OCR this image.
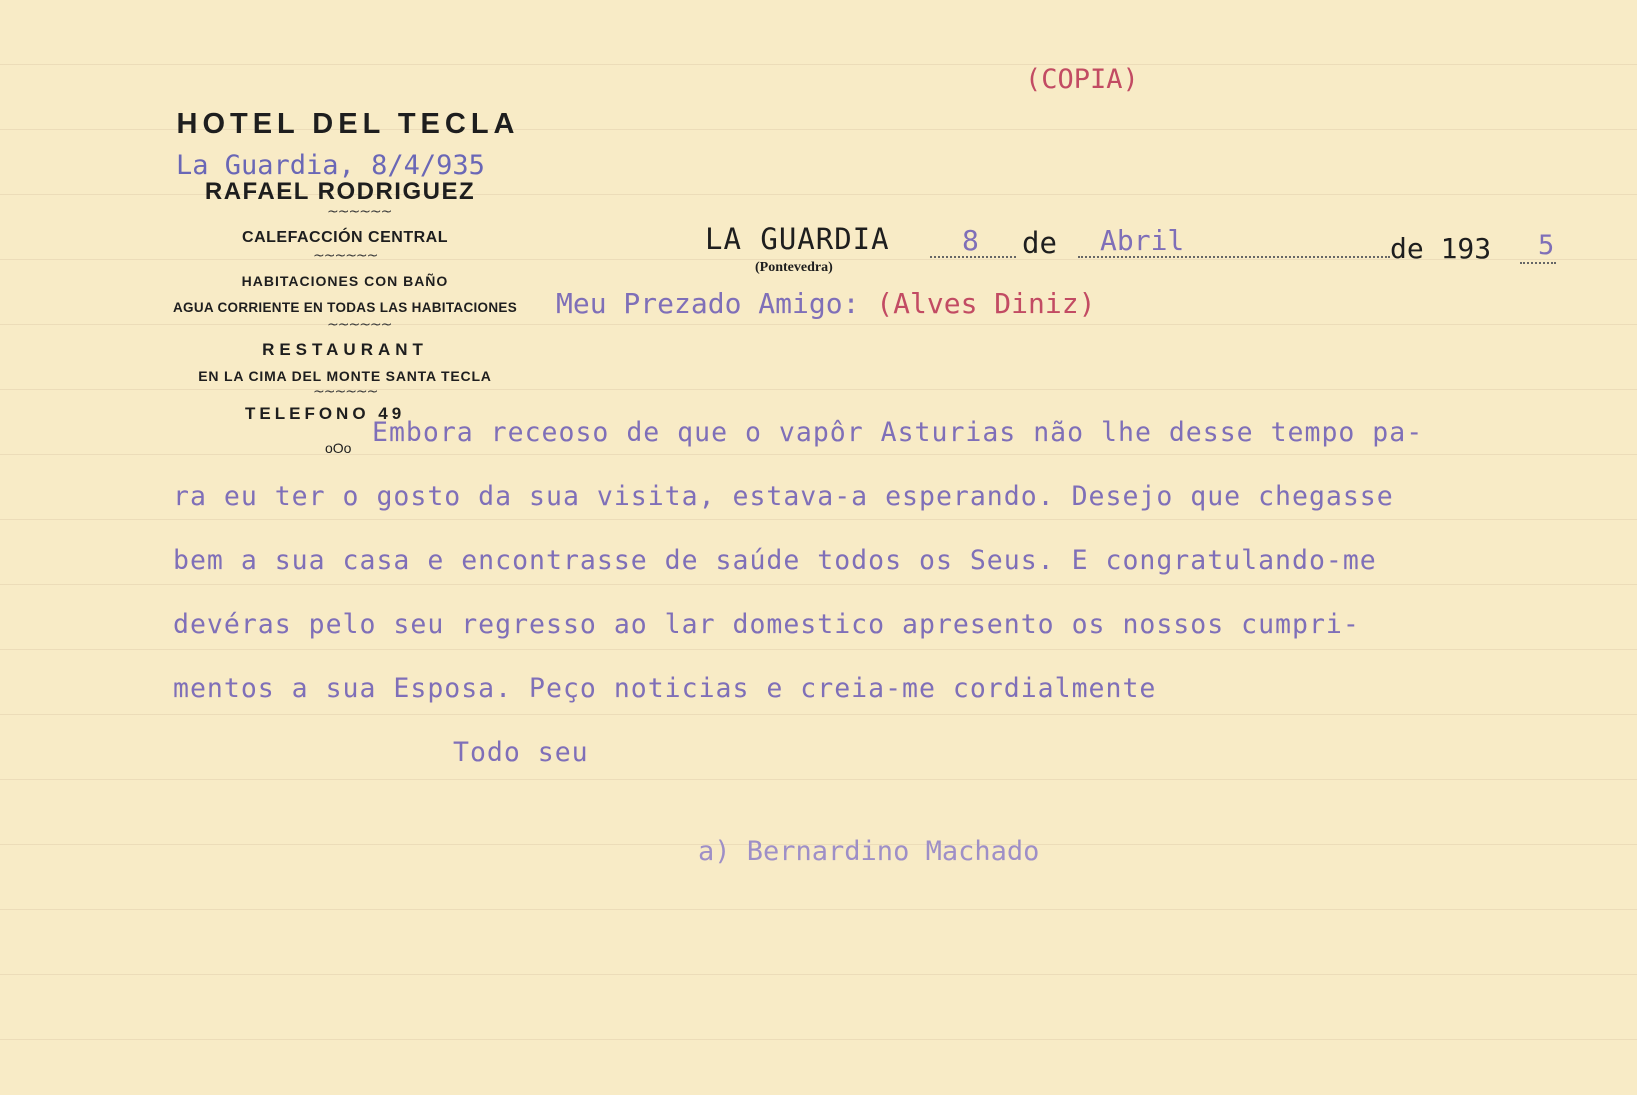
HOTEL DEL TECLA
RAFAEL RODRIGUEZ
~~~~~~
CALEFACCIÓN CENTRAL
~~~~~~
HABITACIONES CON BAÑO
AGUA CORRIENTE EN TODAS LAS HABITACIONES
~~~~~~
RESTAURANT
EN LA CIMA DEL MONTE SANTA TECLA
~~~~~~
TELEFONO 49
oOo
(COPIA)
La Guardia, 8/4/935
LA GUARDIA
(Pontevedra)
8 de Abril	de 193 5
Meu Prezado Amigo: (Alves Diniz)
Embora receoso de que o vapôr Asturias não lhe desse tempo pa-
ra eu ter o gosto da sua visita, estava-a esperando. Desejo que chegasse
bem a sua casa e encontrasse de saúde todos os Seus. E congratulando-me
devéras pelo seu regresso ao lar domestico apresento os nossos cumpri-
mentos a sua Esposa. Peço noticias e creia-me cordialmente
Todo seu
a) Bernardino Machado
